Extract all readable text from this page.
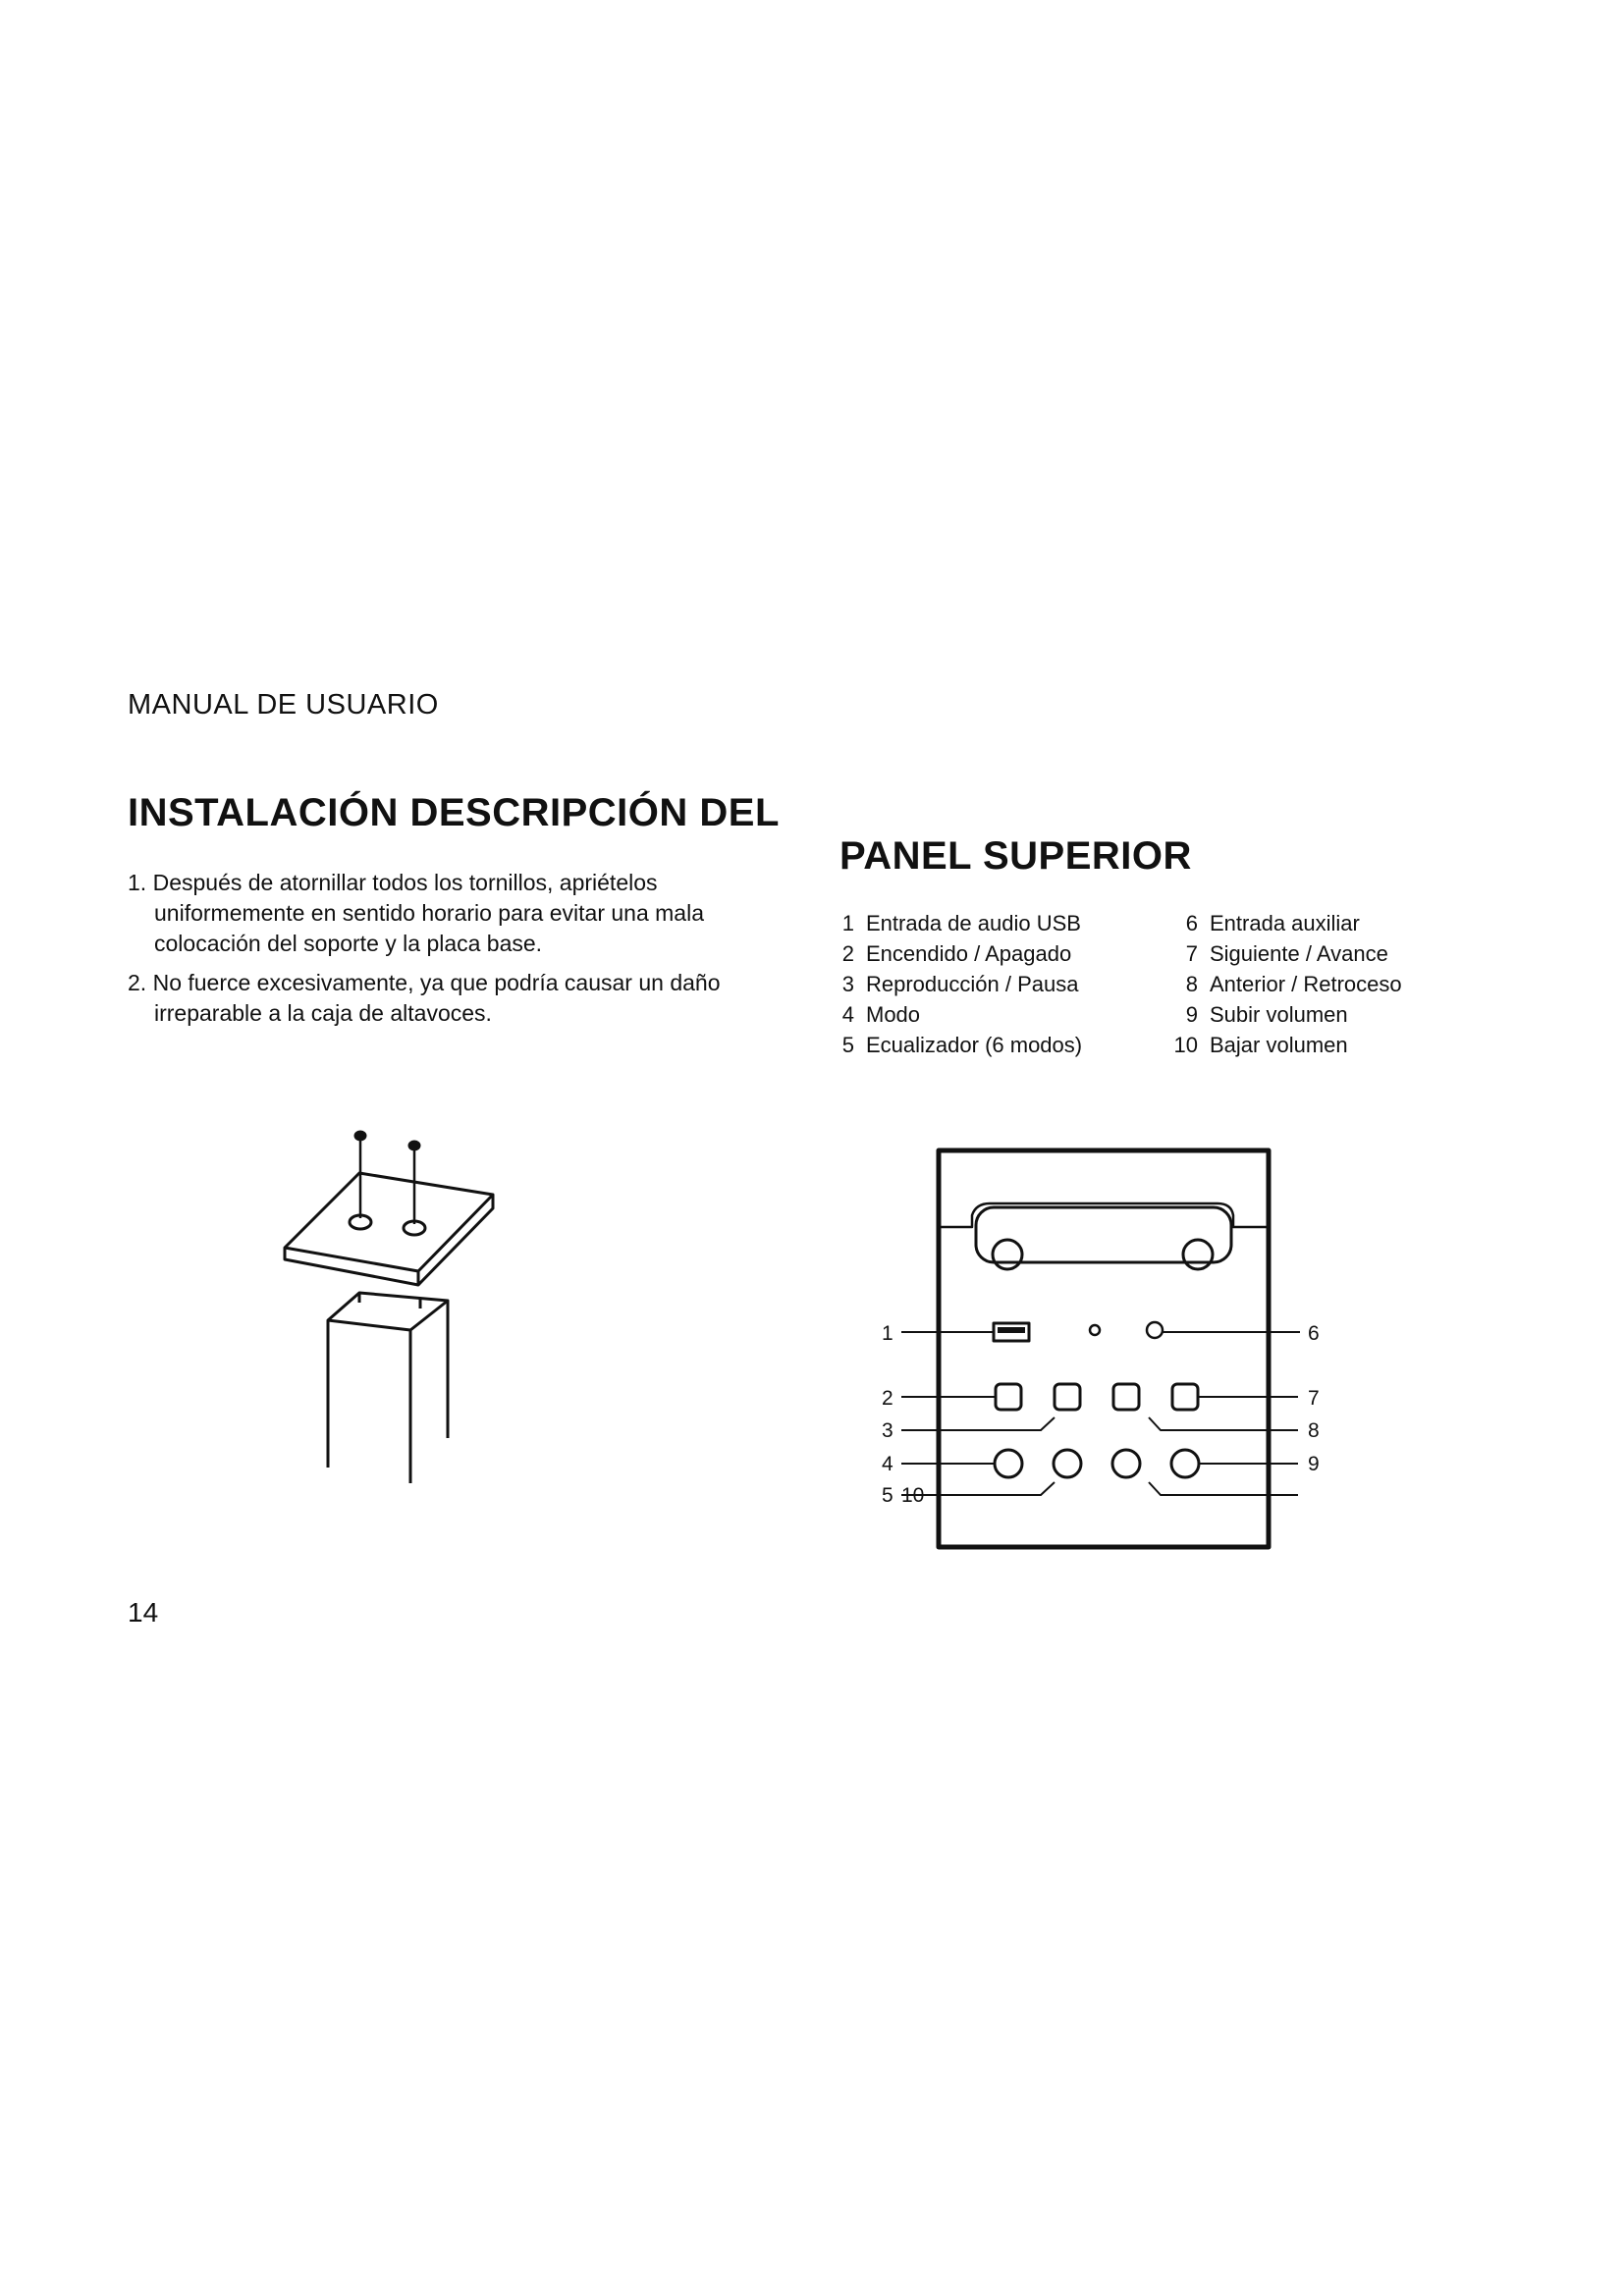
MANUAL DE USUARIO
INSTALACIÓN DESCRIPCIÓN DEL
1. Después de atornillar todos los tornillos, apriételos
uniformemente en sentido horario para evitar una mala
colocación del soporte y la placa base.
2. No fuerce excesivamente, ya que podría causar un daño
irreparable a la caja de altavoces.
PANEL SUPERIOR
1 Entrada de audio USB
2 Encendido / Apagado
3 Reproducción / Pausa
4 Modo
5 Ecualizador (6 modos)
6 Entrada auxiliar
7 Siguiente / Avance
8 Anterior / Retroceso
9 Subir volumen
10 Bajar volumen
1	6
2	7
3	8
4	9
5 10
14
